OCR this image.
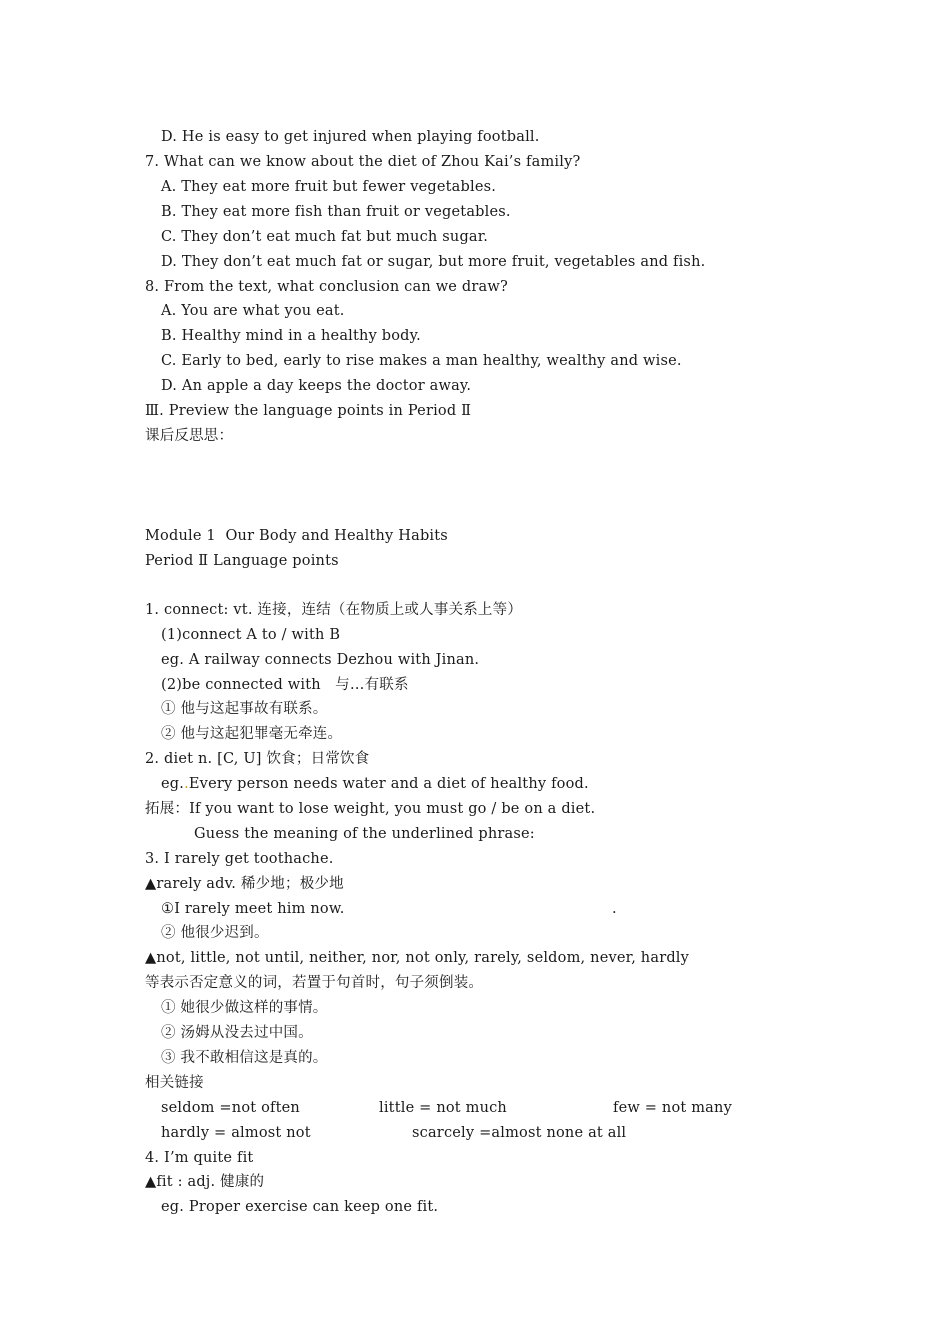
D. He is easy to get injured when playing football.
7. What can we know about the diet of Zhou Kai’s family?
A. They eat more fruit but fewer vegetables.
B. They eat more fish than fruit or vegetables.
C. They don’t eat much fat but much sugar.
D. They don’t eat much fat or sugar, but more fruit, vegetables and fish.
8. From the text, what conclusion can we draw?
A. You are what you eat.
B. Healthy mind in a healthy body.
C. Early to bed, early to rise makes a man healthy, wealthy and wise.
D. An apple a day keeps the doctor away.
Ⅲ. Preview the language points in Period Ⅱ
课后反思思：
Module 1  Our Body and Healthy Habits
Period Ⅱ Language points
1. connect: vt. 连接，连结（在物质上或人事关系上等）
(1)connect A to / with B
eg. A railway connects Dezhou with Jinan.
(2)be connected with   与…有联系
① 他与这起事故有联系。
② 他与这起犯罪毫无牵连。
2. diet n. [C, U] 饮食；日常饮食
eg..Every person needs water and a diet of healthy food.
拓展：If you want to lose weight, you must go / be on a diet.
Guess the meaning of the underlined phrase:
3. I rarely get toothache.
▲rarely adv. 稀少地；极少地
①I rarely meet him now.	.
② 他很少迟到。
▲not, little, not until, neither, nor, not only, rarely, seldom, never, hardly
等表示否定意义的词，若置于句首时，句子须倒装。
① 她很少做这样的事情。
② 汤姆从没去过中国。
③ 我不敢相信这是真的。
相关链接
seldom =not often	little = not much	few = not many
hardly = almost not	scarcely =almost none at all
4. I’m quite fit
▲fit : adj. 健康的
eg. Proper exercise can keep one fit.
